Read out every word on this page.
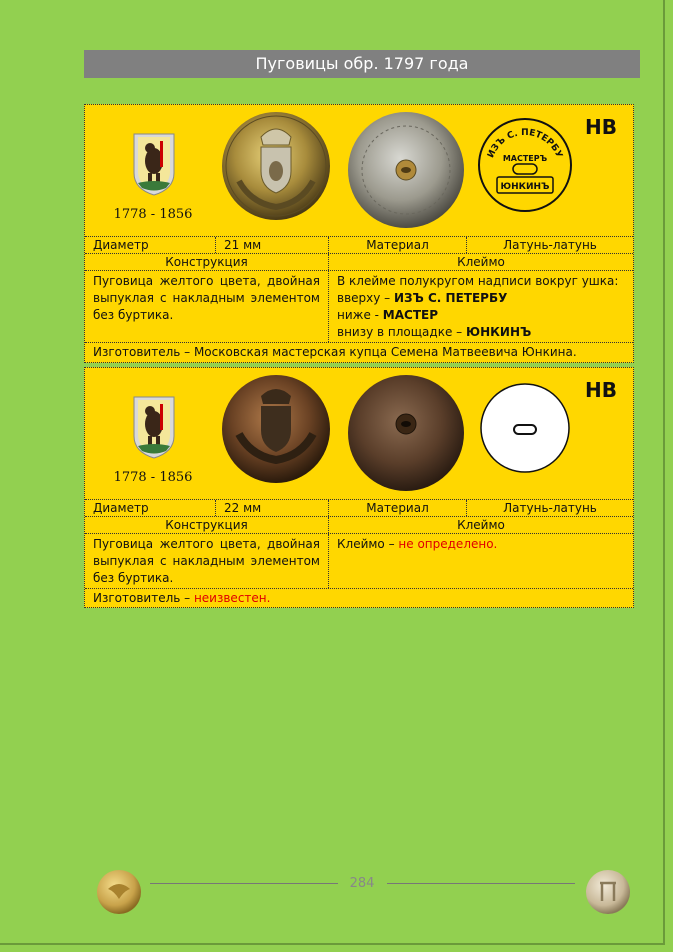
Пуговицы обр. 1797 года
1778 - 1856
ИЗЪ С. ПЕТЕРБУ
МАСТЕРЪ
ЮНКИНЪ
НВ
Диаметр	21 мм	Материал	Латунь-латунь
Конструкция	Клеймо
Пуговица желтого цвета, двойная выпуклая с накладным элементом без буртика.
В клейме полукругом надписи вокруг ушка:
вверху – ИЗЪ С. ПЕТЕРБУ
ниже - МАСТЕР
внизу в площадке – ЮНКИНЪ
Изготовитель – Московская мастерская купца Семена Матвеевича Юнкина.
1778 - 1856
НВ
Диаметр	22 мм	Материал	Латунь-латунь
Конструкция	Клеймо
Пуговица желтого цвета, двойная выпуклая с накладным элементом без буртика.
Клеймо – не определено.
Изготовитель – неизвестен.
284
